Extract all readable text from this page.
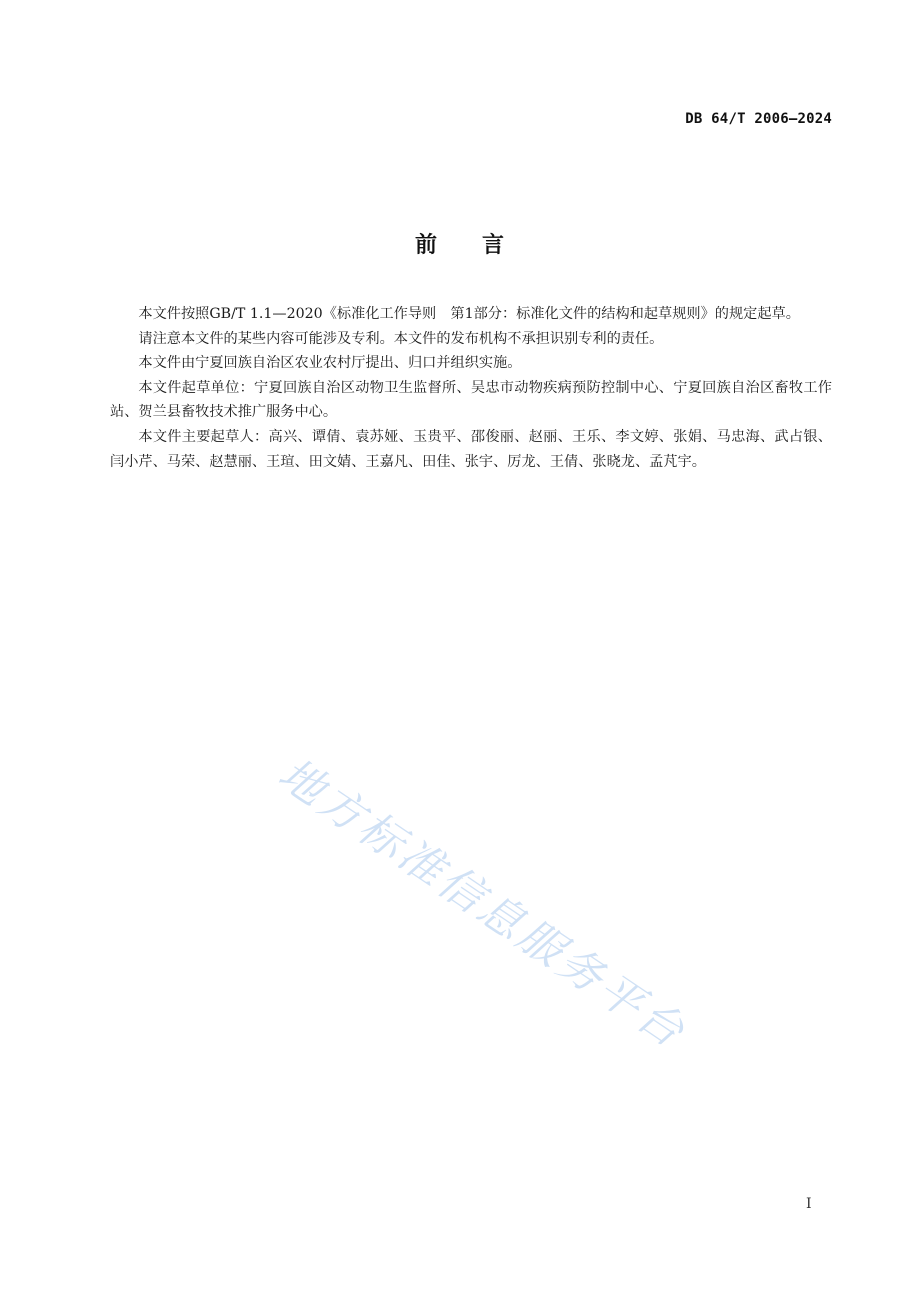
DB 64/T 2006—2024
前 言

本文件按照GB/T 1.1—2020《标准化工作导则　第1部分：标准化文件的结构和起草规则》的规定起草。

请注意本文件的某些内容可能涉及专利。本文件的发布机构不承担识别专利的责任。

本文件由宁夏回族自治区农业农村厅提出、归口并组织实施。

本文件起草单位：宁夏回族自治区动物卫生监督所、吴忠市动物疾病预防控制中心、宁夏回族自治区畜牧工作站、贺兰县畜牧技术推广服务中心。

本文件主要起草人：高兴、谭倩、袁苏娅、玉贵平、邵俊丽、赵丽、王乐、李文婷、张娟、马忠海、武占银、闫小芹、马荣、赵慧丽、王瑄、田文婧、王嘉凡、田佳、张宇、厉龙、王倩、张晓龙、孟芃宇。

地方标准信息服务平台
I
